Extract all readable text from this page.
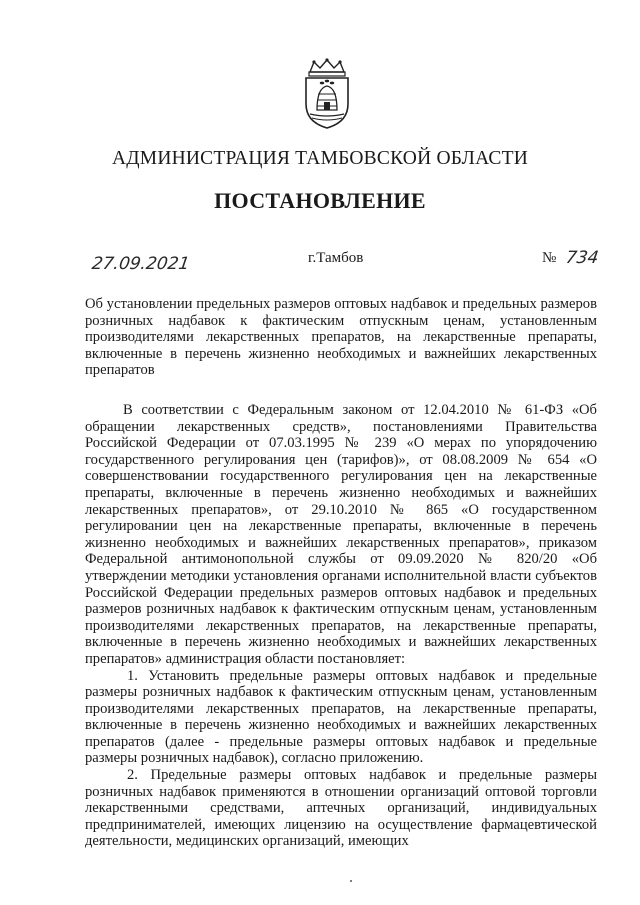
АДМИНИСТРАЦИЯ ТАМБОВСКОЙ ОБЛАСТИ
ПОСТАНОВЛЕНИЕ
27.09.2021	г.Тамбов	№ 734
Об установлении предельных размеров оптовых надбавок и предельных размеров розничных надбавок к фактическим отпускным ценам, установленным производителями лекарственных препаратов, на лекарственные препараты, включенные в перечень жизненно необходимых и важнейших лекарственных препаратов

В соответствии с Федеральным законом от 12.04.2010 № 61-ФЗ «Об обращении лекарственных средств», постановлениями Правительства Российской Федерации от 07.03.1995 № 239 «О мерах по упорядочению государственного регулирования цен (тарифов)», от 08.08.2009 № 654 «О совершенствовании государственного регулирования цен на лекарственные препараты, включенные в перечень жизненно необходимых и важнейших лекарственных препаратов», от 29.10.2010 № 865 «О государственном регулировании цен на лекарственные препараты, включенные в перечень жизненно необходимых и важнейших лекарственных препаратов», приказом Федеральной антимонопольной службы от 09.09.2020 № 820/20 «Об утверждении методики установления органами исполнительной власти субъектов Российской Федерации предельных размеров оптовых надбавок и предельных размеров розничных надбавок к фактическим отпускным ценам, установленным производителями лекарственных препаратов, на лекарственные препараты, включенные в перечень жизненно необходимых и важнейших лекарственных препаратов» администрация области постановляет:

1. Установить предельные размеры оптовых надбавок и предельные размеры розничных надбавок к фактическим отпускным ценам, установленным производителями лекарственных препаратов, на лекарственные препараты, включенные в перечень жизненно необходимых и важнейших лекарственных препаратов (далее - предельные размеры оптовых надбавок и предельные размеры розничных надбавок), согласно приложению.

2. Предельные размеры оптовых надбавок и предельные размеры розничных надбавок применяются в отношении организаций оптовой торговли лекарственными средствами, аптечных организаций, индивидуальных предпринимателей, имеющих лицензию на осуществление фармацевтической деятельности, медицинских организаций, имеющих
